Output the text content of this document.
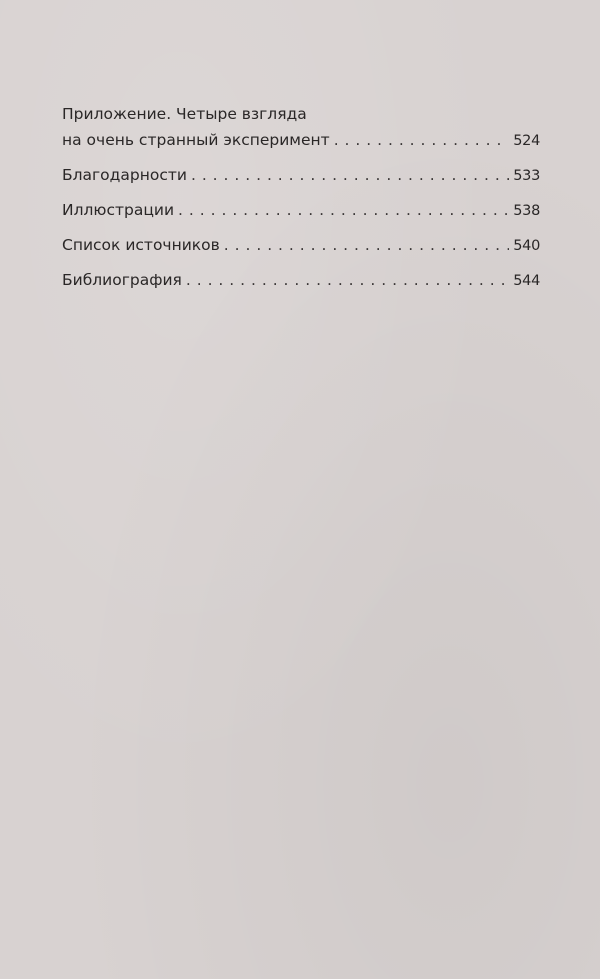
Приложение. Четыре взгляда
на очень странный эксперимент . . .	524
Благодарности . . .	533
Иллюстрации . . .	538
Список источников . . .	540
Библиография . . .	544
